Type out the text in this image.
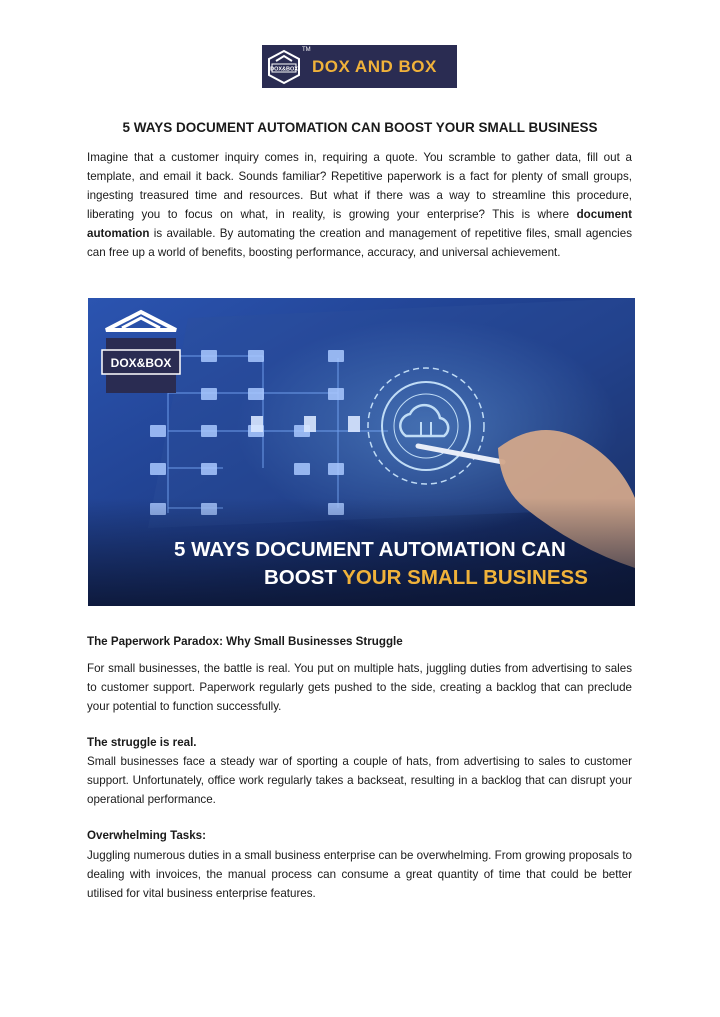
DOX&BOX
TM
DOX AND BOX
5 WAYS DOCUMENT AUTOMATION CAN BOOST YOUR SMALL BUSINESS

Imagine that a customer inquiry comes in, requiring a quote. You scramble to gather data, fill out a template, and email it back. Sounds familiar? Repetitive paperwork is a fact for plenty of small groups, ingesting treasured time and resources. But what if there was a way to streamline this procedure, liberating you to focus on what, in reality, is growing your enterprise? This is where document automation is available. By automating the creation and management of repetitive files, small agencies can free up a world of benefits, boosting performance, accuracy, and universal achievement.

DOX&BOX
5 WAYS DOCUMENT AUTOMATION CAN
BOOST YOUR SMALL BUSINESS
The Paperwork Paradox: Why Small Businesses Struggle

For small businesses, the battle is real. You put on multiple hats, juggling duties from advertising to sales to customer support. Paperwork regularly gets pushed to the side, creating a backlog that can preclude your potential to function successfully.

The struggle is real.

Small businesses face a steady war of sporting a couple of hats, from advertising to sales to customer support. Unfortunately, office work regularly takes a backseat, resulting in a backlog that can disrupt your operational performance.

Overwhelming Tasks:

Juggling numerous duties in a small business enterprise can be overwhelming. From growing proposals to dealing with invoices, the manual process can consume a great quantity of time that could be better utilised for vital business enterprise features.
